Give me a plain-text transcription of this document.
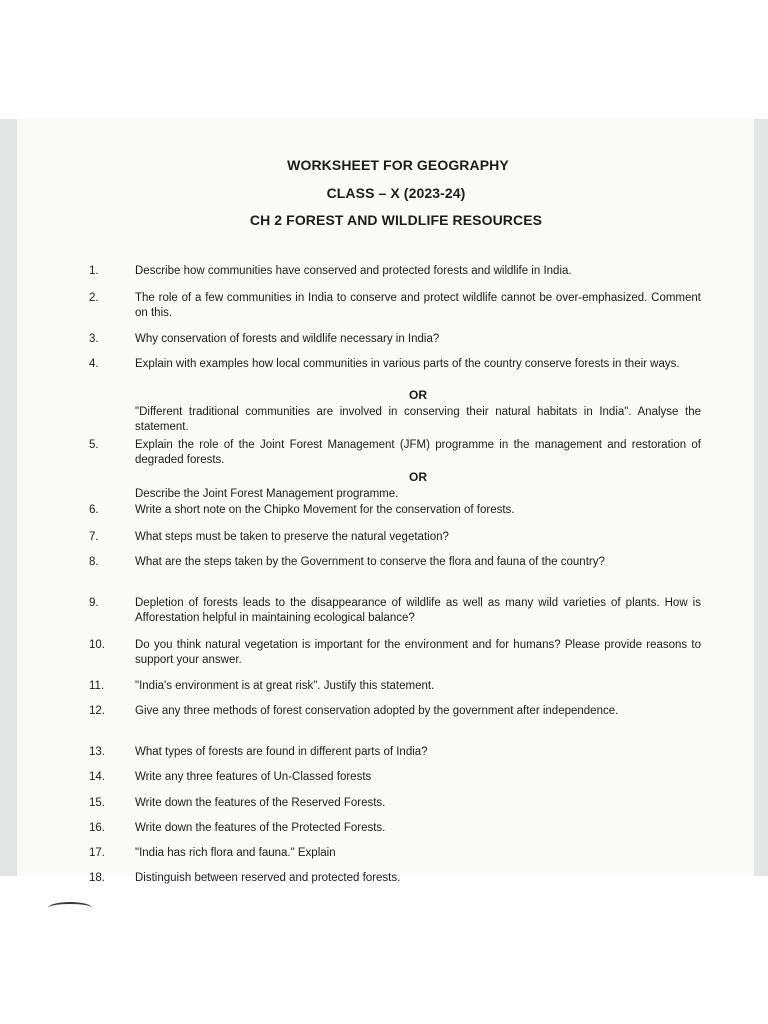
WORKSHEET FOR GEOGRAPHY
CLASS – X (2023-24)
CH 2 FOREST AND WILDLIFE RESOURCES
1.	Describe how communities have conserved and protected forests and wildlife in India.
2.	The role of a few communities in India to conserve and protect wildlife cannot be over-emphasized. Comment on this.
3.	Why conservation of forests and wildlife necessary in India?
4.	Explain with examples how local communities in various parts of the country conserve forests in their ways.
OR
"Different traditional communities are involved in conserving their natural habitats in India". Analyse the statement.
5.	Explain the role of the Joint Forest Management (JFM) programme in the management and restoration of degraded forests.
OR
Describe the Joint Forest Management programme.
6.	Write a short note on the Chipko Movement for the conservation of forests.
7.	What steps must be taken to preserve the natural vegetation?
8.	What are the steps taken by the Government to conserve the flora and fauna of the country?
9.	Depletion of forests leads to the disappearance of wildlife as well as many wild varieties of plants. How is Afforestation helpful in maintaining ecological balance?
10.	Do you think natural vegetation is important for the environment and for humans? Please provide reasons to support your answer.
11.	"India's environment is at great risk". Justify this statement.
12.	Give any three methods of forest conservation adopted by the government after independence.
13.	What types of forests are found in different parts of India?
14.	Write any three features of Un-Classed forests
15.	Write down the features of the Reserved Forests.
16.	Write down the features of the Protected Forests.
17.	"India has rich flora and fauna." Explain
18.	Distinguish between reserved and protected forests.
